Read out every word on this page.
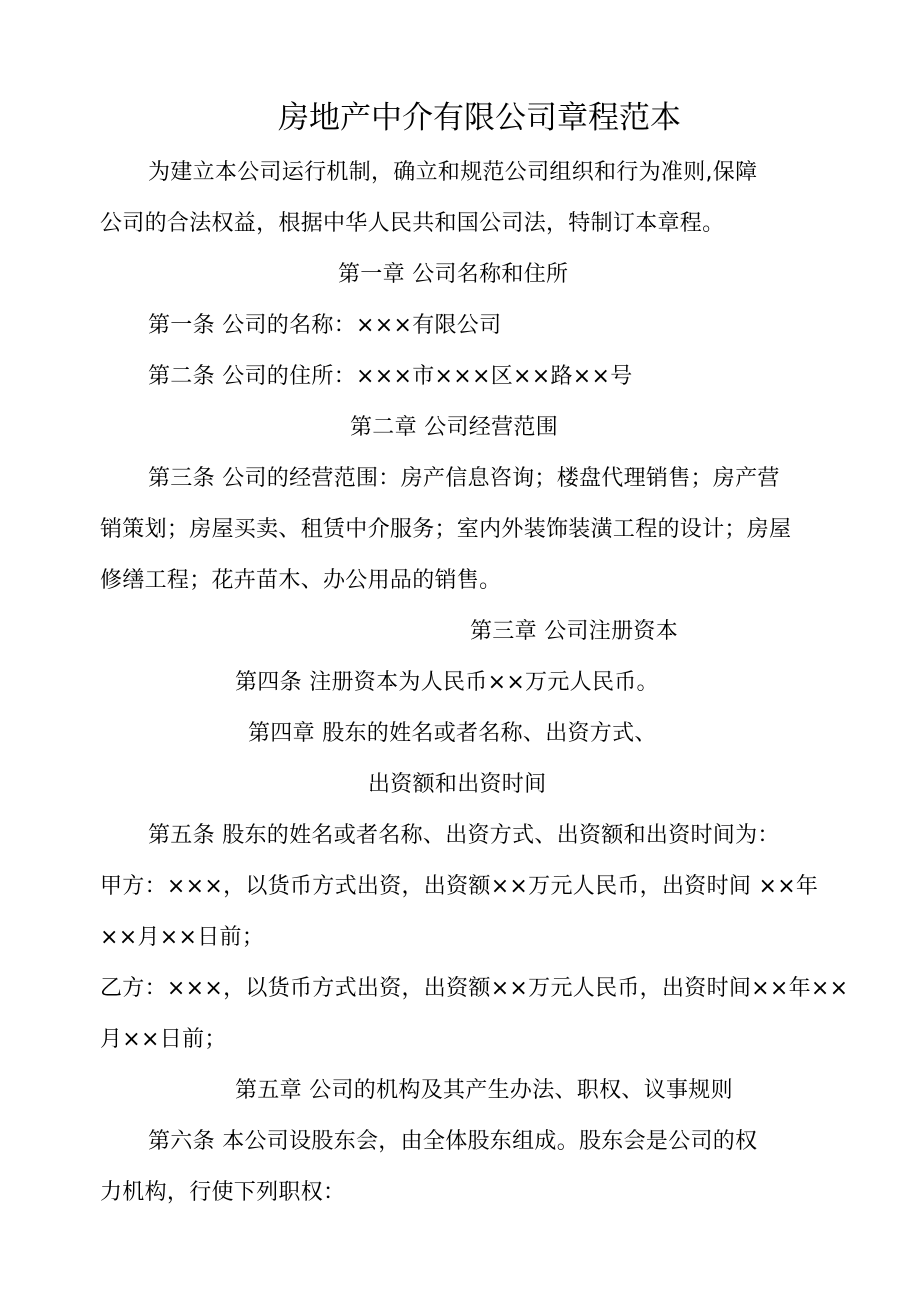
房地产中介有限公司章程范本
为建立本公司运行机制，确立和规范公司组织和行为准则,保障
公司的合法权益，根据中华人民共和国公司法，特制订本章程。
第一章 公司名称和住所
第一条 公司的名称：×××有限公司
第二条 公司的住所：×××市×××区××路××号
第二章 公司经营范围
第三条 公司的经营范围：房产信息咨询；楼盘代理销售；房产营
销策划；房屋买卖、租赁中介服务；室内外装饰装潢工程的设计；房屋
修缮工程；花卉苗木、办公用品的销售。
第三章 公司注册资本
第四条 注册资本为人民币××万元人民币。
第四章 股东的姓名或者名称、出资方式、
出资额和出资时间
第五条 股东的姓名或者名称、出资方式、出资额和出资时间为：
甲方：×××，以货币方式出资，出资额××万元人民币，出资时间 ××年
××月××日前；
乙方：×××，以货币方式出资，出资额××万元人民币，出资时间××年××
月××日前；
第五章 公司的机构及其产生办法、职权、议事规则
第六条 本公司设股东会，由全体股东组成。股东会是公司的权
力机构，行使下列职权：
